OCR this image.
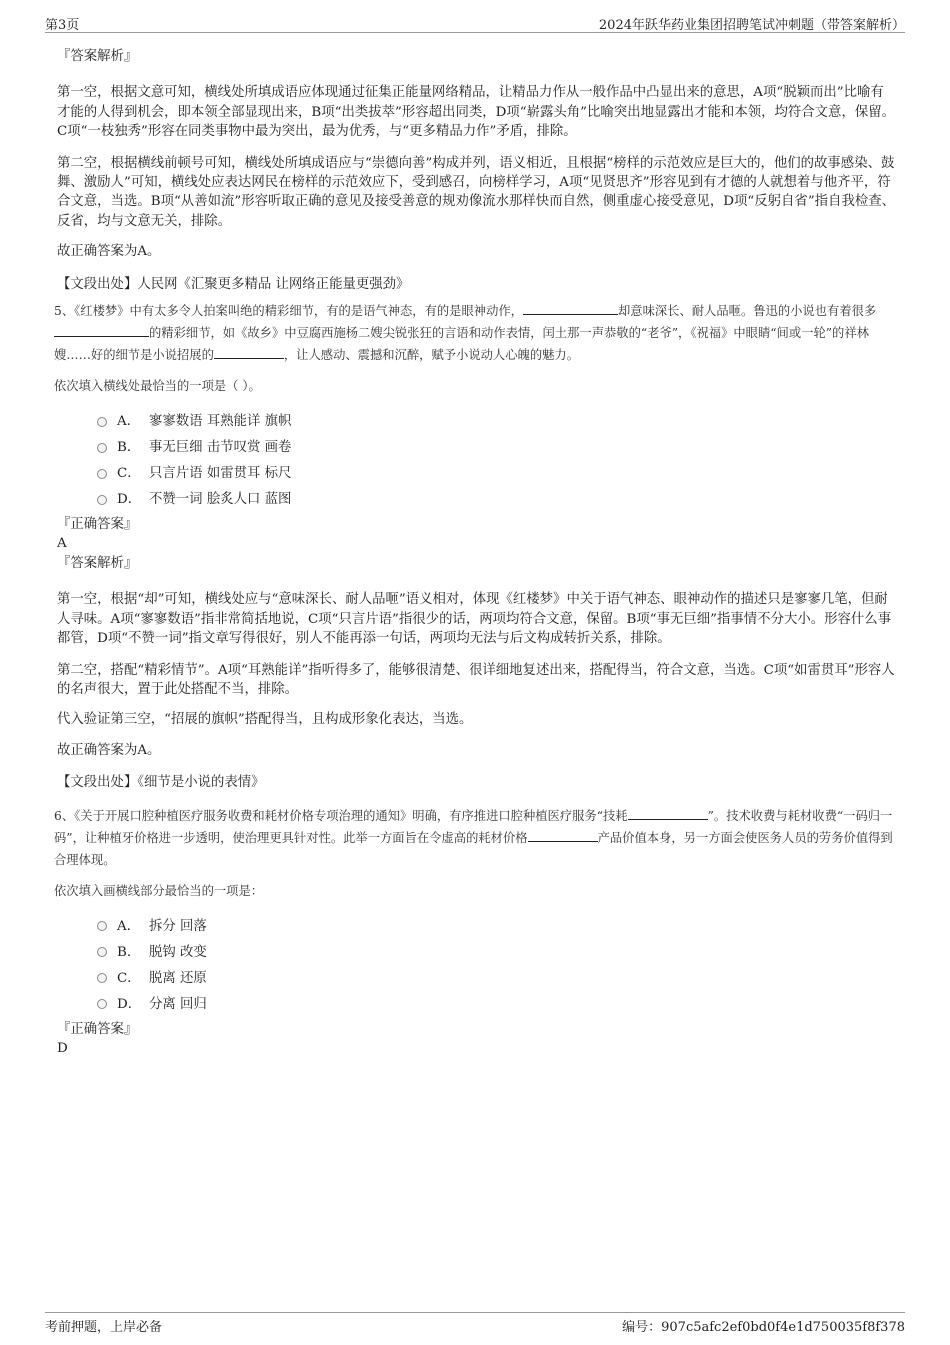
第3页	2024年跃华药业集团招聘笔试冲刺题（带答案解析）

『答案解析』

第一空，根据文意可知，横线处所填成语应体现通过征集正能量网络精品，让精品力作从一般作品中凸显出来的意思，A项“脱颖而出”比喻有才能的人得到机会，即本领全部显现出来，B项“出类拔萃”形容超出同类，D项“崭露头角”比喻突出地显露出才能和本领，均符合文意，保留。C项“一枝独秀”形容在同类事物中最为突出，最为优秀，与“更多精品力作”矛盾，排除。

第二空，根据横线前顿号可知，横线处所填成语应与“崇德向善”构成并列，语义相近，且根据“榜样的示范效应是巨大的，他们的故事感染、鼓舞、激励人”可知，横线处应表达网民在榜样的示范效应下，受到感召，向榜样学习，A项“见贤思齐”形容见到有才德的人就想着与他齐平，符合文意，当选。B项“从善如流”形容听取正确的意见及接受善意的规劝像流水那样快而自然，侧重虚心接受意见，D项“反躬自省”指自我检查、反省，均与文意无关，排除。

故正确答案为A。

【文段出处】人民网《汇聚更多精品 让网络正能量更强劲》

5、《红楼梦》中有太多令人拍案叫绝的精彩细节，有的是语气神态，有的是眼神动作，	却意味深长、耐人品咂。鲁迅的小说也有着很多的精彩细节，如《故乡》中豆腐西施杨二嫂尖锐张狂的言语和动作表情，闰土那一声恭敬的“老爷”，《祝福》中眼睛“间或一轮”的祥林嫂……好的细节是小说招展的	，让人感动、震撼和沉醉，赋予小说动人心魄的魅力。

依次填入横线处最恰当的一项是（ ）。

A． 寥寥数语 耳熟能详 旗帜
B． 事无巨细 击节叹赏 画卷
C． 只言片语 如雷贯耳 标尺
D． 不赞一词 脍炙人口 蓝图

『正确答案』

A

『答案解析』

第一空，根据“却”可知，横线处应与“意味深长、耐人品咂”语义相对，体现《红楼梦》中关于语气神态、眼神动作的描述只是寥寥几笔，但耐人寻味。A项“寥寥数语”指非常简括地说，C项“只言片语”指很少的话，两项均符合文意，保留。B项“事无巨细”指事情不分大小。形容什么事都管，D项“不赞一词”指文章写得很好，别人不能再添一句话，两项均无法与后文构成转折关系，排除。

第二空，搭配“精彩情节”。A项“耳熟能详”指听得多了，能够很清楚、很详细地复述出来，搭配得当，符合文意，当选。C项“如雷贯耳”形容人的名声很大，置于此处搭配不当，排除。

代入验证第三空，“招展的旗帜”搭配得当，且构成形象化表达，当选。

故正确答案为A。

【文段出处】《细节是小说的表情》

6、《关于开展口腔种植医疗服务收费和耗材价格专项治理的通知》明确，有序推进口腔种植医疗服务“技耗	”。技术收费与耗材收费“一码归一码”，让种植牙价格进一步透明，使治理更具针对性。此举一方面旨在令虚高的耗材价格	产品价值本身，另一方面会使医务人员的劳务价值得到合理体现。

依次填入画横线部分最恰当的一项是：

A． 拆分 回落
B． 脱钩 改变
C． 脱离 还原
D． 分离 回归

『正确答案』

D

考前押题，上岸必备	编号：907c5afc2ef0bd0f4e1d750035f8f378
